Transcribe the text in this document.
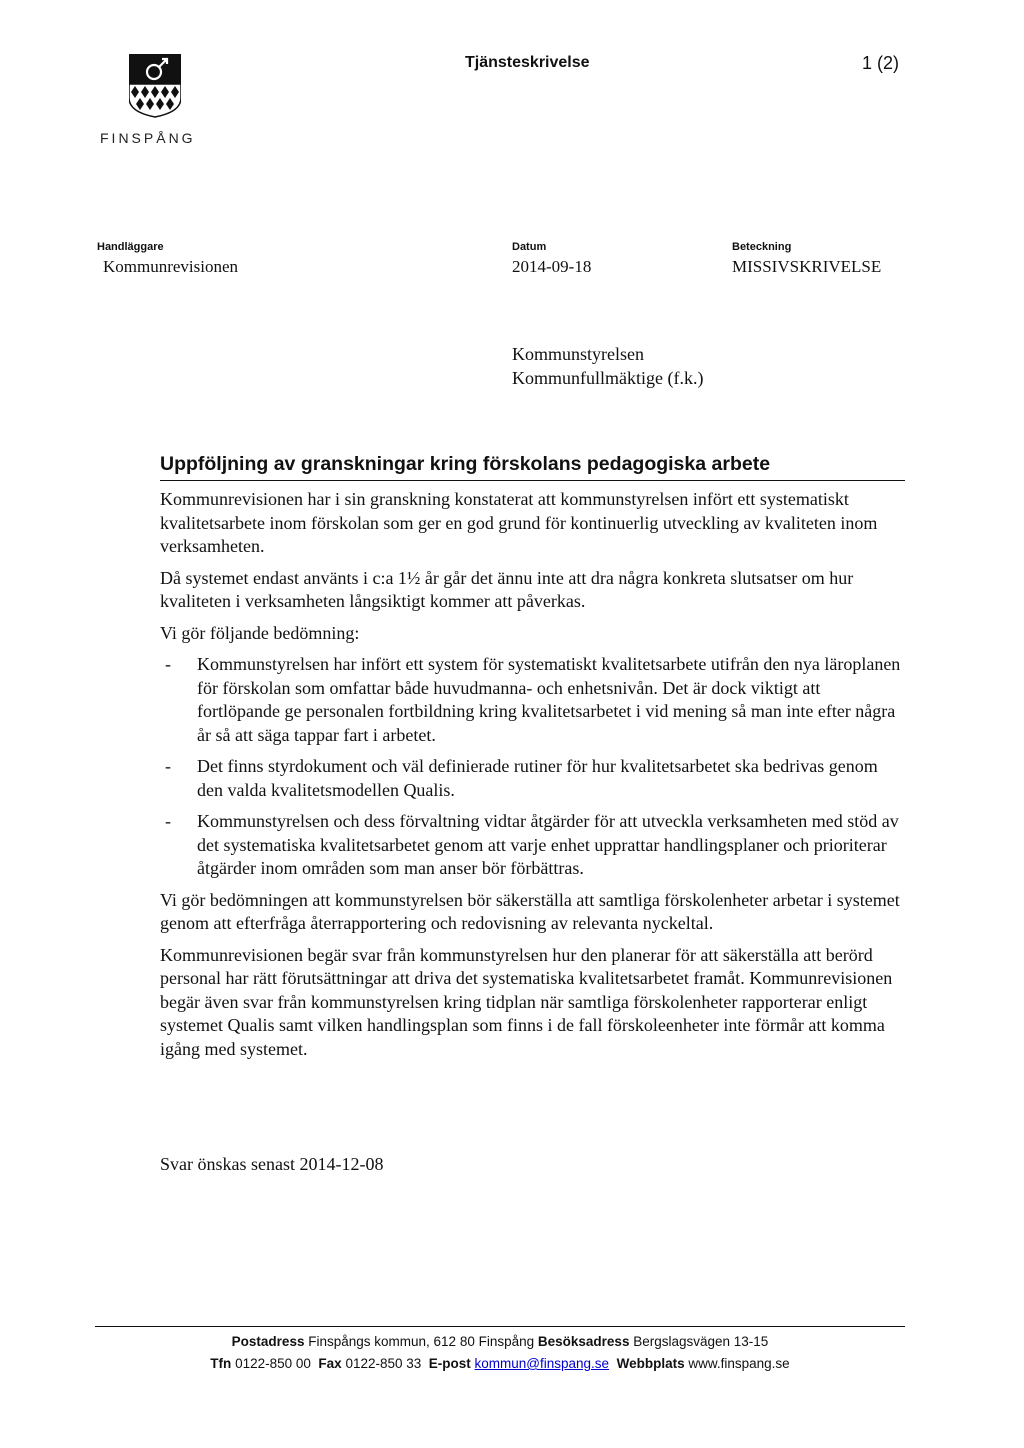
FINSPÅNG
Tjänsteskrivelse	1 (2)
Handläggare
Kommunrevisionen
Datum
2014-09-18
Beteckning
MISSIVSKRIVELSE
Kommunstyrelsen
Kommunfullmäktige (f.k.)
Uppföljning av granskningar kring förskolans pedagogiska arbete

Kommunrevisionen har i sin granskning konstaterat att kommunstyrelsen infört ett systematiskt kvalitetsarbete inom förskolan som ger en god grund för kontinuerlig utveckling av kvaliteten inom verksamheten.

Då systemet endast använts i c:a 1½ år går det ännu inte att dra några konkreta slutsatser om hur kvaliteten i verksamheten långsiktigt kommer att påverkas.

Vi gör följande bedömning:

- Kommunstyrelsen har infört ett system för systematiskt kvalitetsarbete utifrån den nya läroplanen för förskolan som omfattar både huvudmanna- och enhetsnivån. Det är dock viktigt att fortlöpande ge personalen fortbildning kring kvalitetsarbetet i vid mening så man inte efter några år så att säga tappar fart i arbetet.
- Det finns styrdokument och väl definierade rutiner för hur kvalitetsarbetet ska bedrivas genom den valda kvalitetsmodellen Qualis.
- Kommunstyrelsen och dess förvaltning vidtar åtgärder för att utveckla verksamheten med stöd av det systematiska kvalitetsarbetet genom att varje enhet upprattar handlingsplaner och prioriterar åtgärder inom områden som man anser bör förbättras.

Vi gör bedömningen att kommunstyrelsen bör säkerställa att samtliga förskolenheter arbetar i systemet genom att efterfråga återrapportering och redovisning av relevanta nyckeltal.

Kommunrevisionen begär svar från kommunstyrelsen hur den planerar för att säkerställa att berörd personal har rätt förutsättningar att driva det systematiska kvalitetsarbetet framåt. Kommunrevisionen begär även svar från kommunstyrelsen kring tidplan när samtliga förskolenheter rapporterar enligt systemet Qualis samt vilken handlingsplan som finns i de fall förskoleenheter inte förmår att komma igång med systemet.

Svar önskas senast 2014-12-08
Postadress Finspångs kommun, 612 80 Finspång Besöksadress Bergslagsvägen 13-15
Tfn 0122-850 00 Fax 0122-850 33 E-post kommun@finspang.se Webbplats www.finspang.se
